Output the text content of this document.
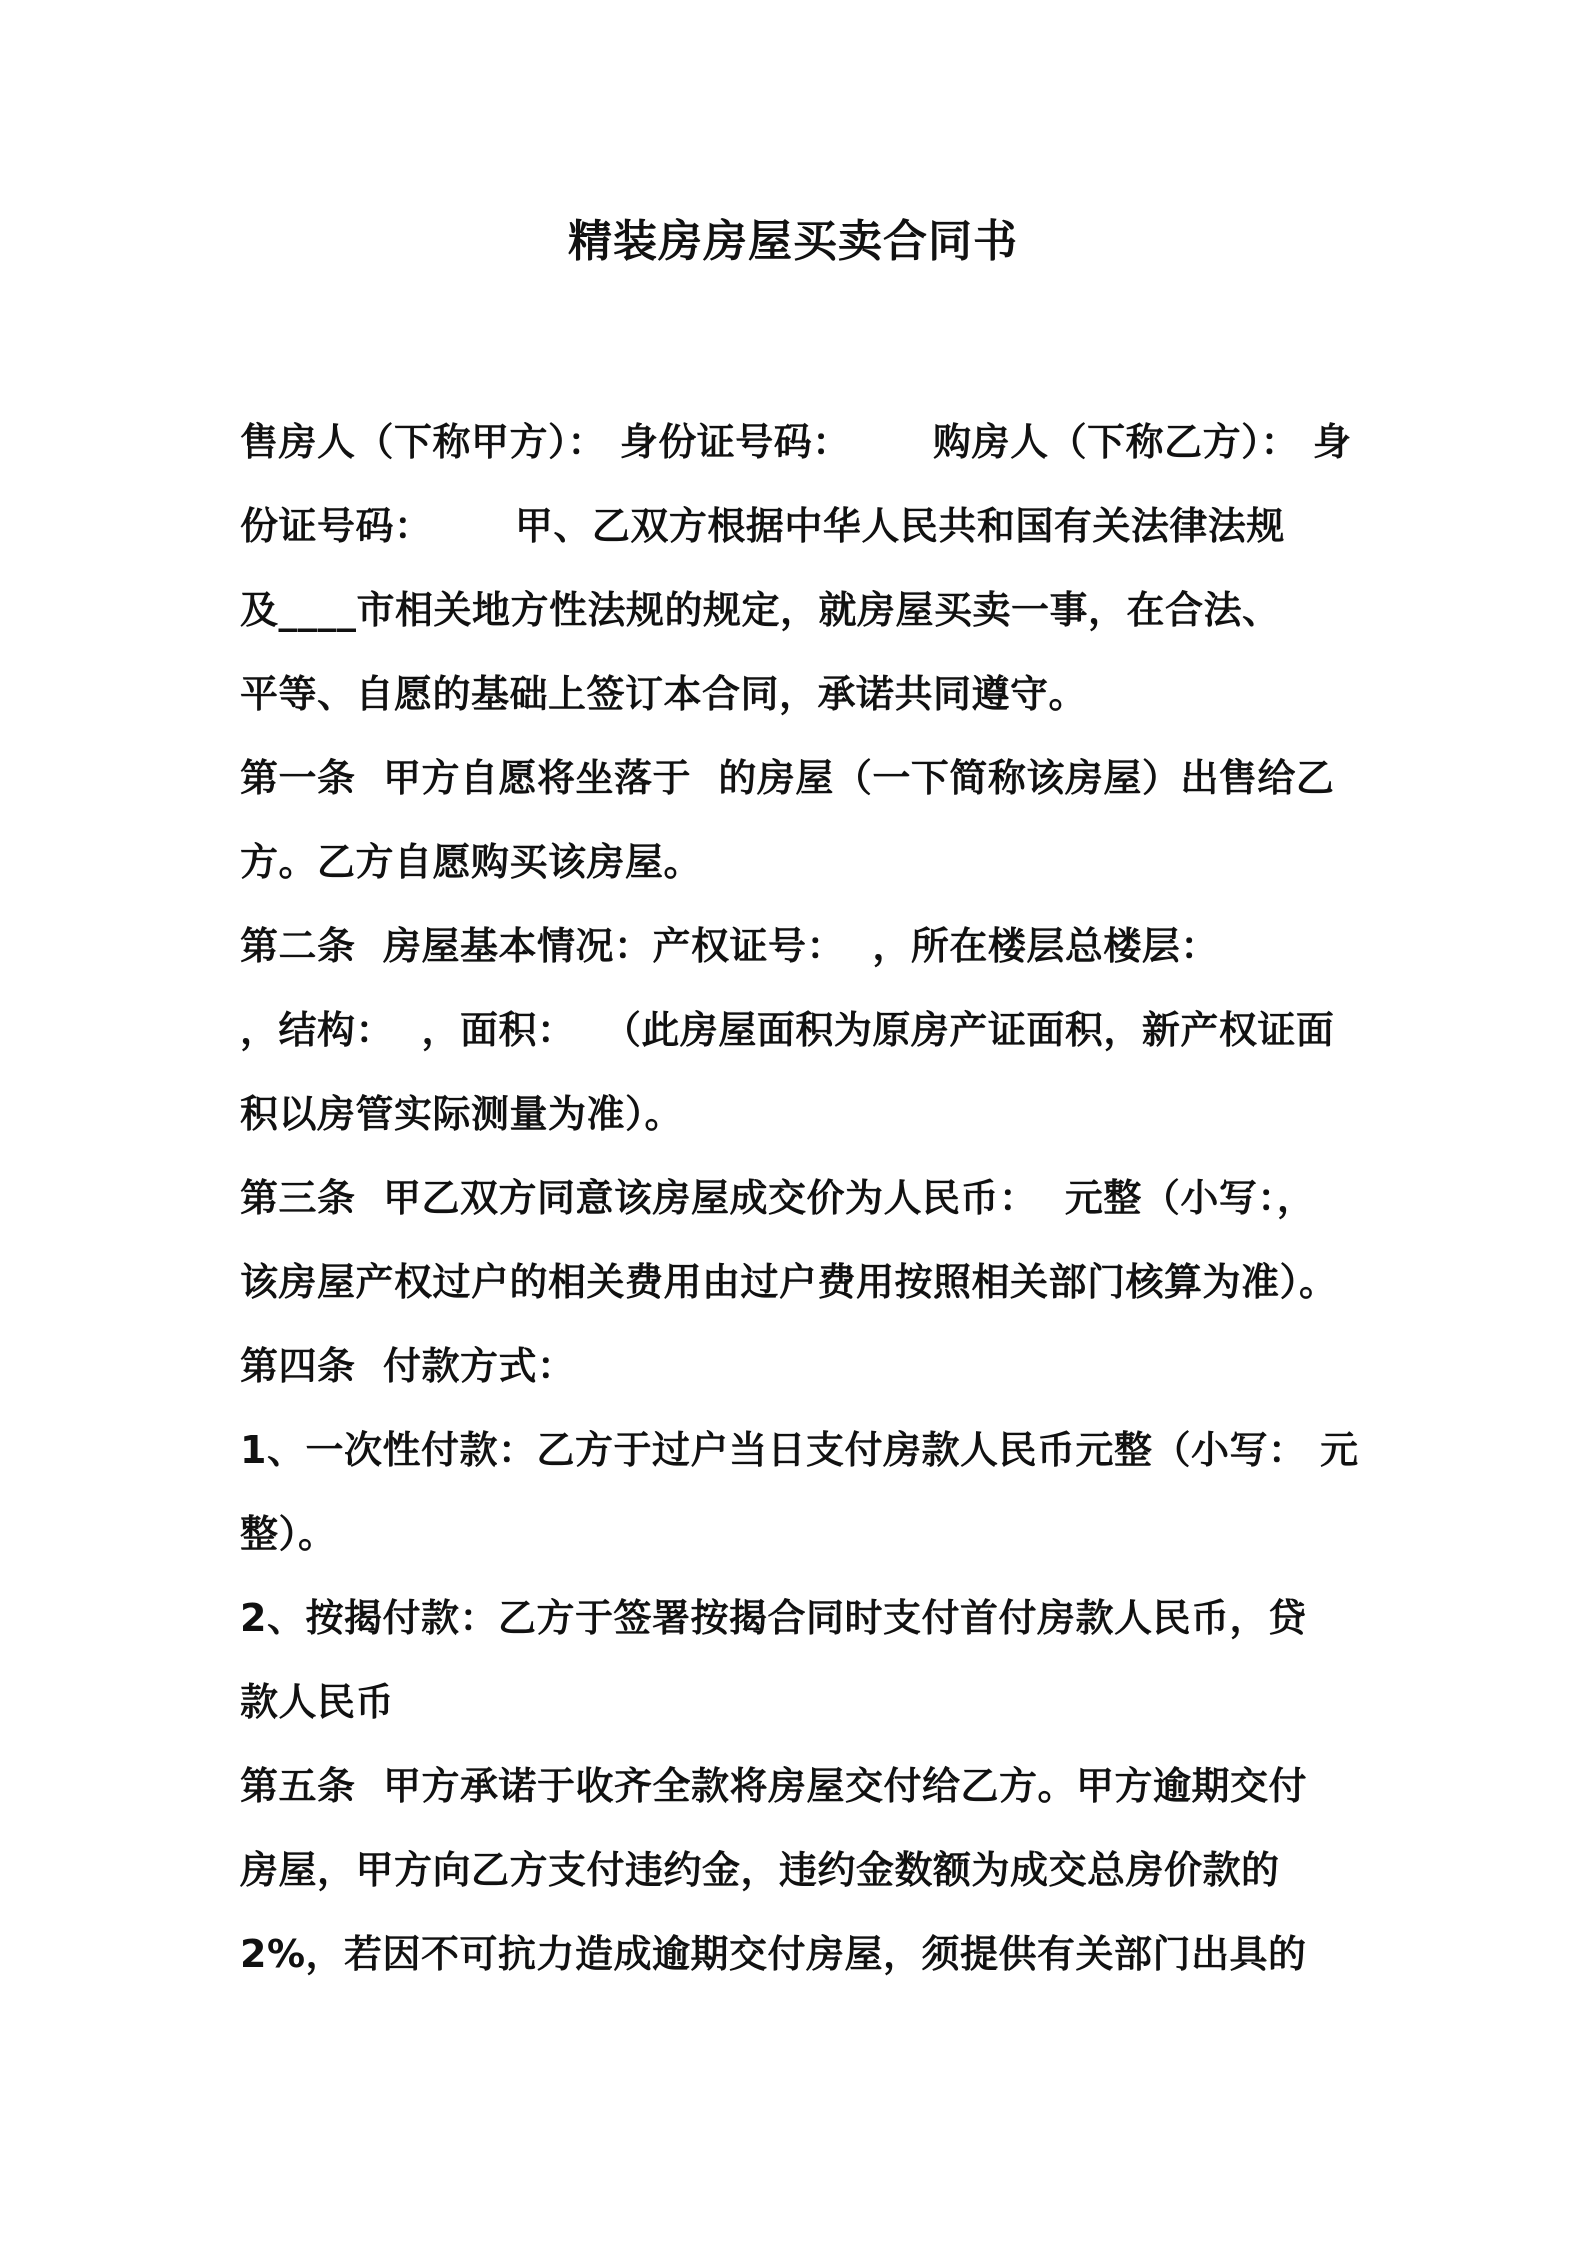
精装房房屋买卖合同书

售房人（下称甲方）： 身份证号码：      购房人（下称乙方）： 身

份证号码：      甲、乙双方根据中华人民共和国有关法律法规

及____市相关地方性法规的规定，就房屋买卖一事，在合法、

平等、自愿的基础上签订本合同，承诺共同遵守。

第一条  甲方自愿将坐落于  的房屋（一下简称该房屋）出售给乙

方。乙方自愿购买该房屋。

第二条  房屋基本情况：产权证号：  ，所在楼层总楼层：

，结构：  ，面积：  （此房屋面积为原房产证面积，新产权证面

积以房管实际测量为准）。

第三条  甲乙双方同意该房屋成交价为人民币：  元整（小写：，

该房屋产权过户的相关费用由过户费用按照相关部门核算为准）。

第四条  付款方式：

1、一次性付款：乙方于过户当日支付房款人民币元整（小写： 元

整）。

2、按揭付款：乙方于签署按揭合同时支付首付房款人民币，贷

款人民币

第五条  甲方承诺于收齐全款将房屋交付给乙方。甲方逾期交付

房屋，甲方向乙方支付违约金，违约金数额为成交总房价款的

2%，若因不可抗力造成逾期交付房屋，须提供有关部门出具的
